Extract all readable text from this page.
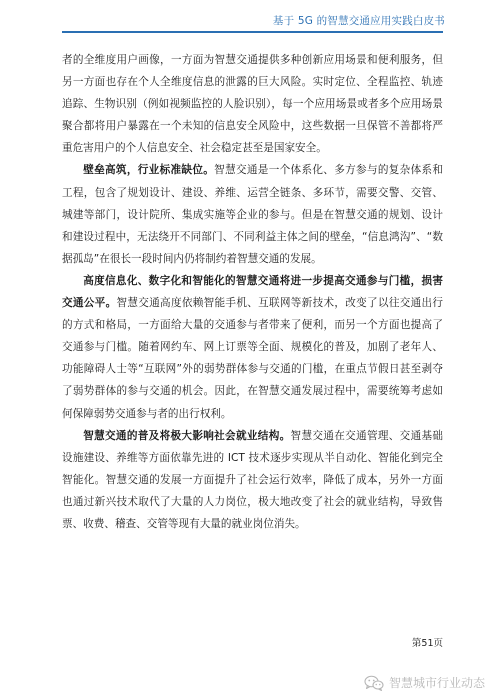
基于 5G 的智慧交通应用实践白皮书

者的全维度用户画像，一方面为智慧交通提供多种创新应用场景和便利服务，但另一方面也存在个人全维度信息的泄露的巨大风险。实时定位、全程监控、轨迹追踪、生物识别（例如视频监控的人脸识别），每一个应用场景或者多个应用场景聚合都将用户暴露在一个未知的信息安全风险中，这些数据一旦保管不善都将严重危害用户的个人信息安全、社会稳定甚至是国家安全。

壁垒高筑，行业标准缺位。智慧交通是一个体系化、多方参与的复杂体系和工程，包含了规划设计、建设、养维、运营全链条、多环节，需要交警、交管、城建等部门，设计院所、集成实施等企业的参与。但是在智慧交通的规划、设计和建设过程中，无法绕开不同部门、不同利益主体之间的壁垒，“信息鸿沟”、“数据孤岛”在很长一段时间内仍将制约着智慧交通的发展。

高度信息化、数字化和智能化的智慧交通将进一步提高交通参与门槛，损害交通公平。智慧交通高度依赖智能手机、互联网等新技术，改变了以往交通出行的方式和格局，一方面给大量的交通参与者带来了便利，而另一个方面也提高了交通参与门槛。随着网约车、网上订票等全面、规模化的普及，加剧了老年人、功能障碍人士等“互联网”外的弱势群体参与交通的门槛，在重点节假日甚至剥夺了弱势群体的参与交通的机会。因此，在智慧交通发展过程中，需要统筹考虑如何保障弱势交通参与者的出行权利。

智慧交通的普及将极大影响社会就业结构。智慧交通在交通管理、交通基础设施建设、养维等方面依靠先进的 ICT 技术逐步实现从半自动化、智能化到完全智能化。智慧交通的发展一方面提升了社会运行效率，降低了成本，另外一方面也通过新兴技术取代了大量的人力岗位，极大地改变了社会的就业结构，导致售票、收费、稽查、交管等现有大量的就业岗位消失。

第51页
智慧城市行业动态
